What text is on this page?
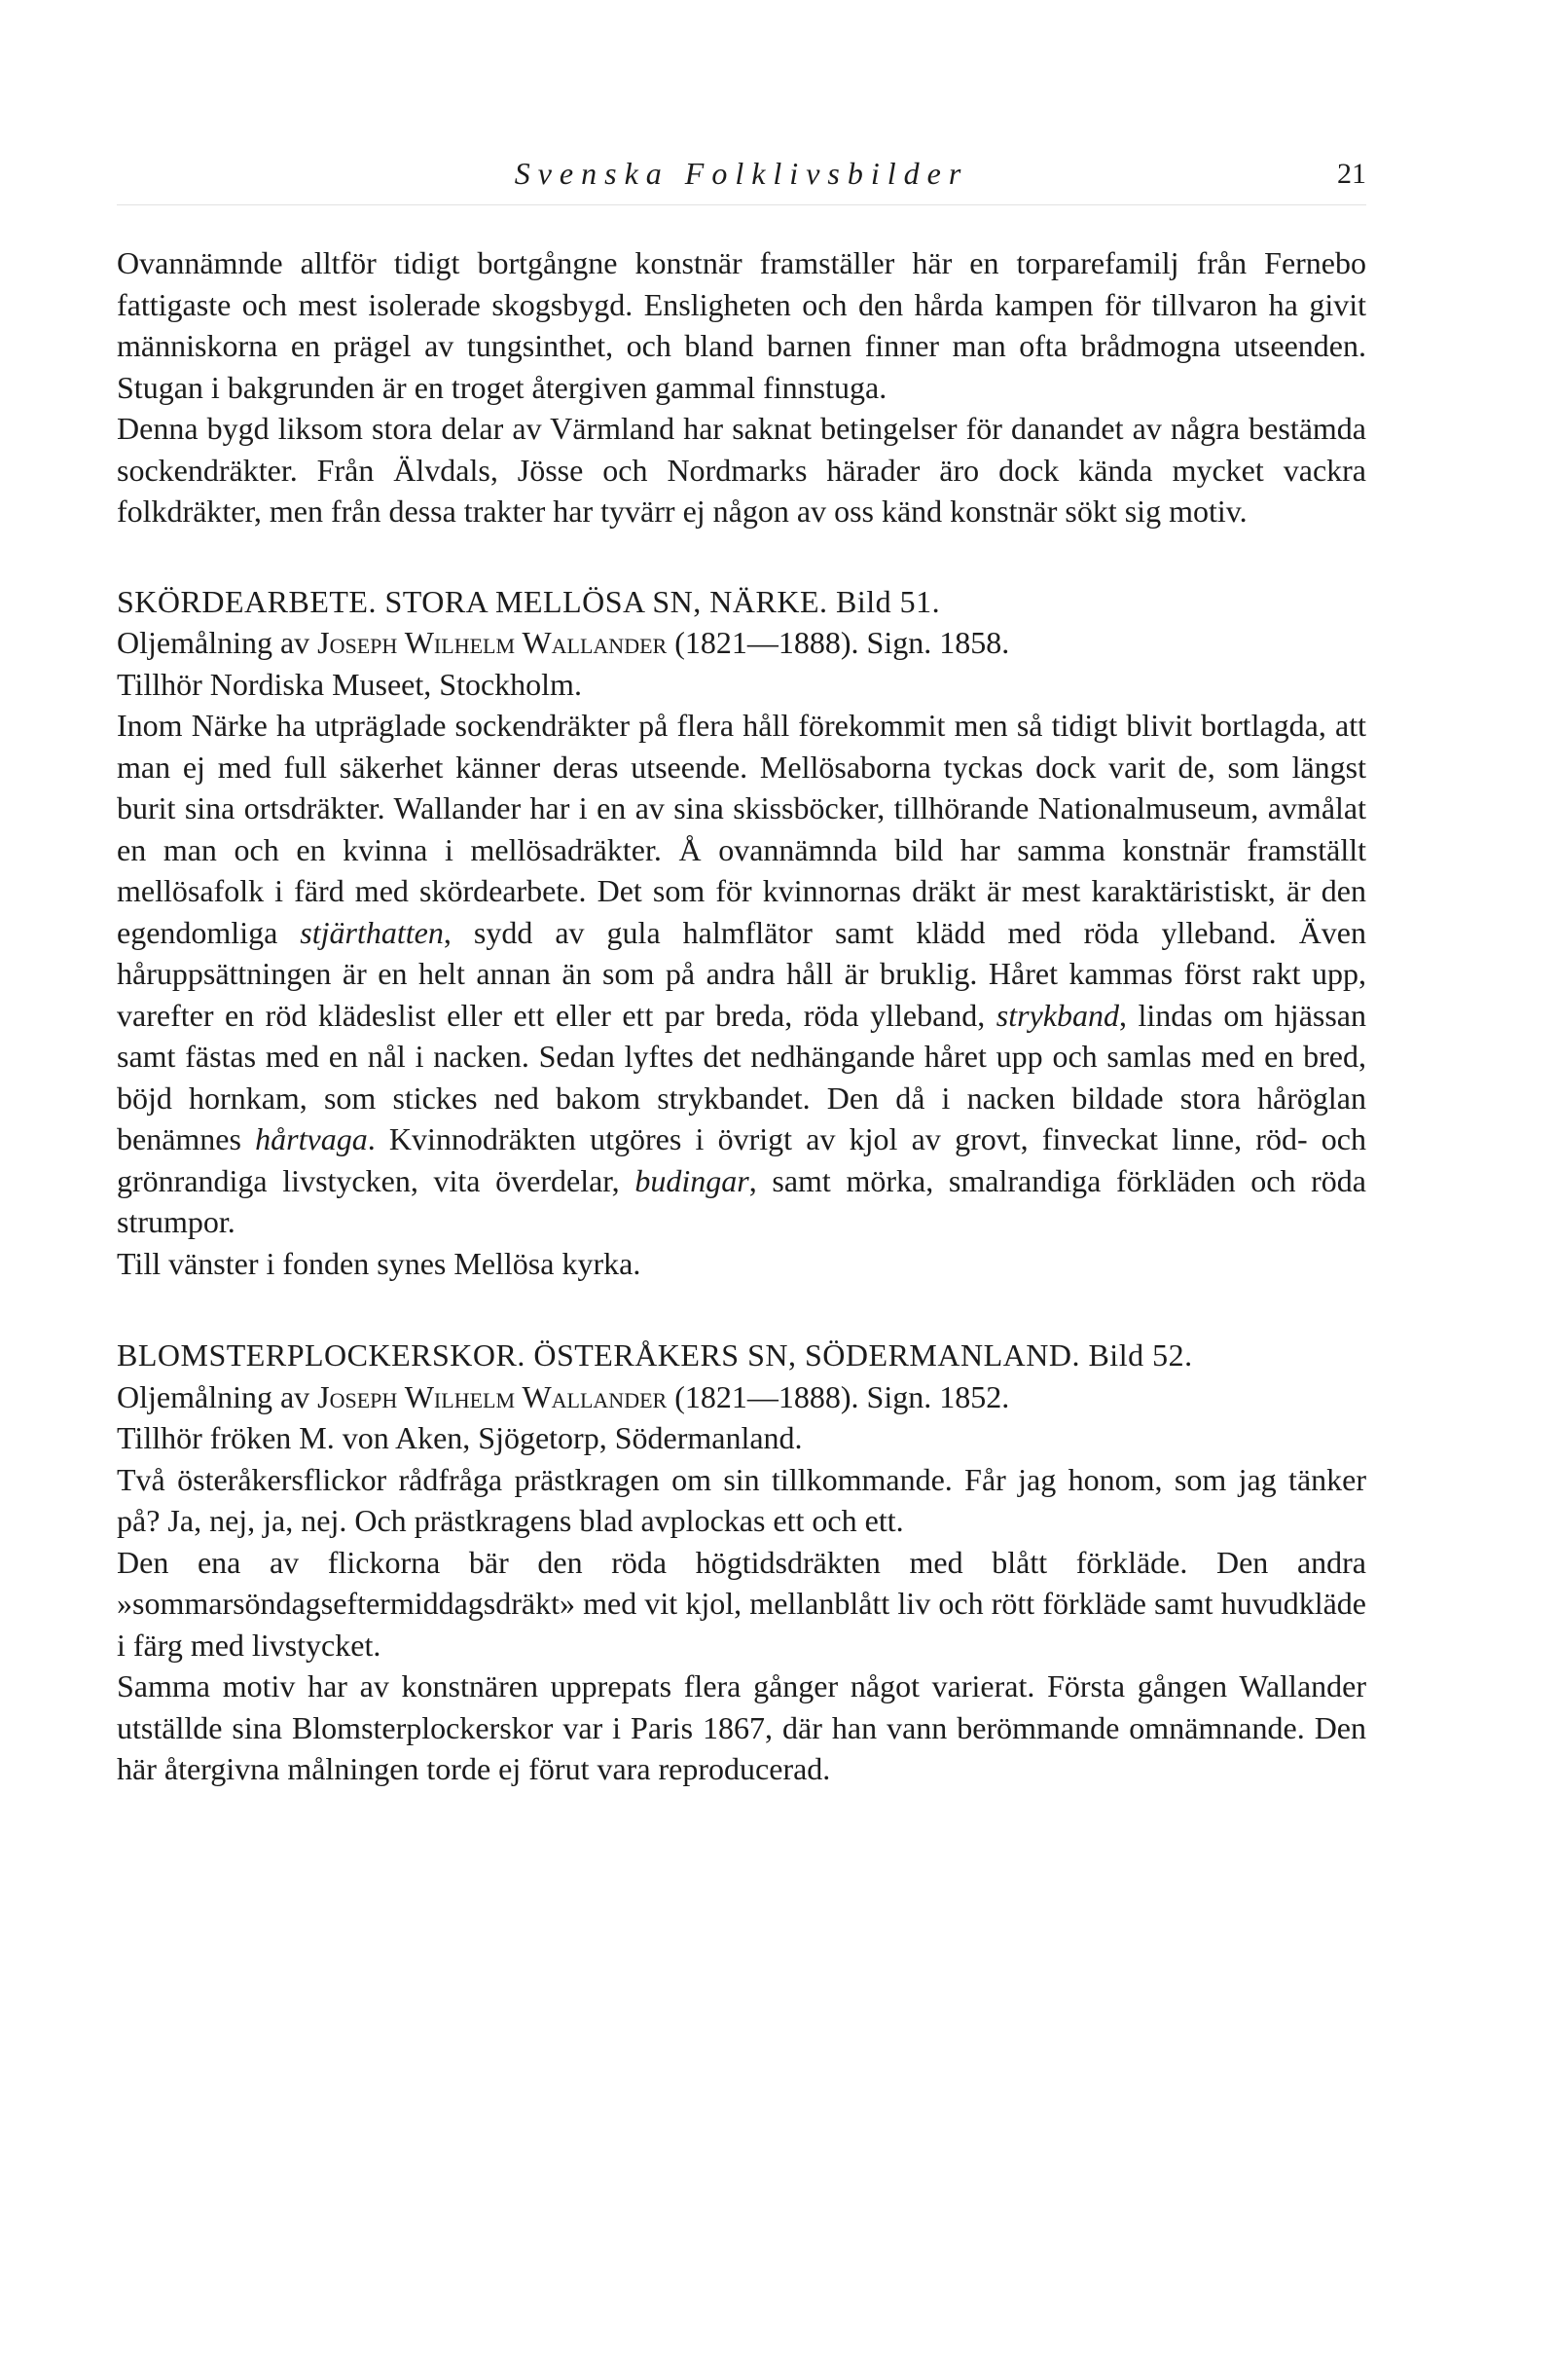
Svenska Folklivsbilder	21

Ovannämnde alltför tidigt bortgångne konstnär framställer här en torparefamilj från Fernebo fattigaste och mest isolerade skogsbygd. Ensligheten och den hårda kampen för tillvaron ha givit människorna en prägel av tungsinthet, och bland barnen finner man ofta brådmogna utseenden. Stugan i bakgrunden är en troget återgiven gammal finnstuga.

Denna bygd liksom stora delar av Värmland har saknat betingelser för danandet av några bestämda sockendräkter. Från Älvdals, Jösse och Nordmarks härader äro dock kända mycket vackra folkdräkter, men från dessa trakter har tyvärr ej någon av oss känd konstnär sökt sig motiv.

SKÖRDEARBETE. STORA MELLÖSA SN, NÄRKE. Bild 51.

Oljemålning av Joseph Wilhelm Wallander (1821—1888). Sign. 1858.

Tillhör Nordiska Museet, Stockholm.

Inom Närke ha utpräglade sockendräkter på flera håll förekommit men så tidigt blivit bortlagda, att man ej med full säkerhet känner deras utseende. Mellösaborna tyckas dock varit de, som längst burit sina ortsdräkter. Wallander har i en av sina skissböcker, tillhörande Nationalmuseum, avmålat en man och en kvinna i mellösadräkter. Å ovannämnda bild har samma konstnär framställt mellösafolk i färd med skördearbete. Det som för kvinnornas dräkt är mest karaktäristiskt, är den egendomliga stjärthatten, sydd av gula halmflätor samt klädd med röda ylleband. Även håruppsättningen är en helt annan än som på andra håll är bruklig. Håret kammas först rakt upp, varefter en röd klädeslist eller ett eller ett par breda, röda ylleband, strykband, lindas om hjässan samt fästas med en nål i nacken. Sedan lyftes det nedhängande håret upp och samlas med en bred, böjd hornkam, som stickes ned bakom strykbandet. Den då i nacken bildade stora håröglan benämnes hårtvaga. Kvinnodräkten utgöres i övrigt av kjol av grovt, finveckat linne, röd- och grönrandiga livstycken, vita överdelar, budingar, samt mörka, smalrandiga förkläden och röda strumpor.

Till vänster i fonden synes Mellösa kyrka.

BLOMSTERPLOCKERSKOR. ÖSTERÅKERS SN, SÖDERMANLAND. Bild 52.

Oljemålning av Joseph Wilhelm Wallander (1821—1888). Sign. 1852.

Tillhör fröken M. von Aken, Sjögetorp, Södermanland.

Två österåkersflickor rådfråga prästkragen om sin tillkommande. Får jag honom, som jag tänker på? Ja, nej, ja, nej. Och prästkragens blad avplockas ett och ett.

Den ena av flickorna bär den röda högtidsdräkten med blått förkläde. Den andra »sommarsöndagseftermiddagsdräkt» med vit kjol, mellanblått liv och rött förkläde samt huvudkläde i färg med livstycket.

Samma motiv har av konstnären upprepats flera gånger något varierat. Första gången Wallander utställde sina Blomsterplockerskor var i Paris 1867, där han vann berömmande omnämnande. Den här återgivna målningen torde ej förut vara reproducerad.
